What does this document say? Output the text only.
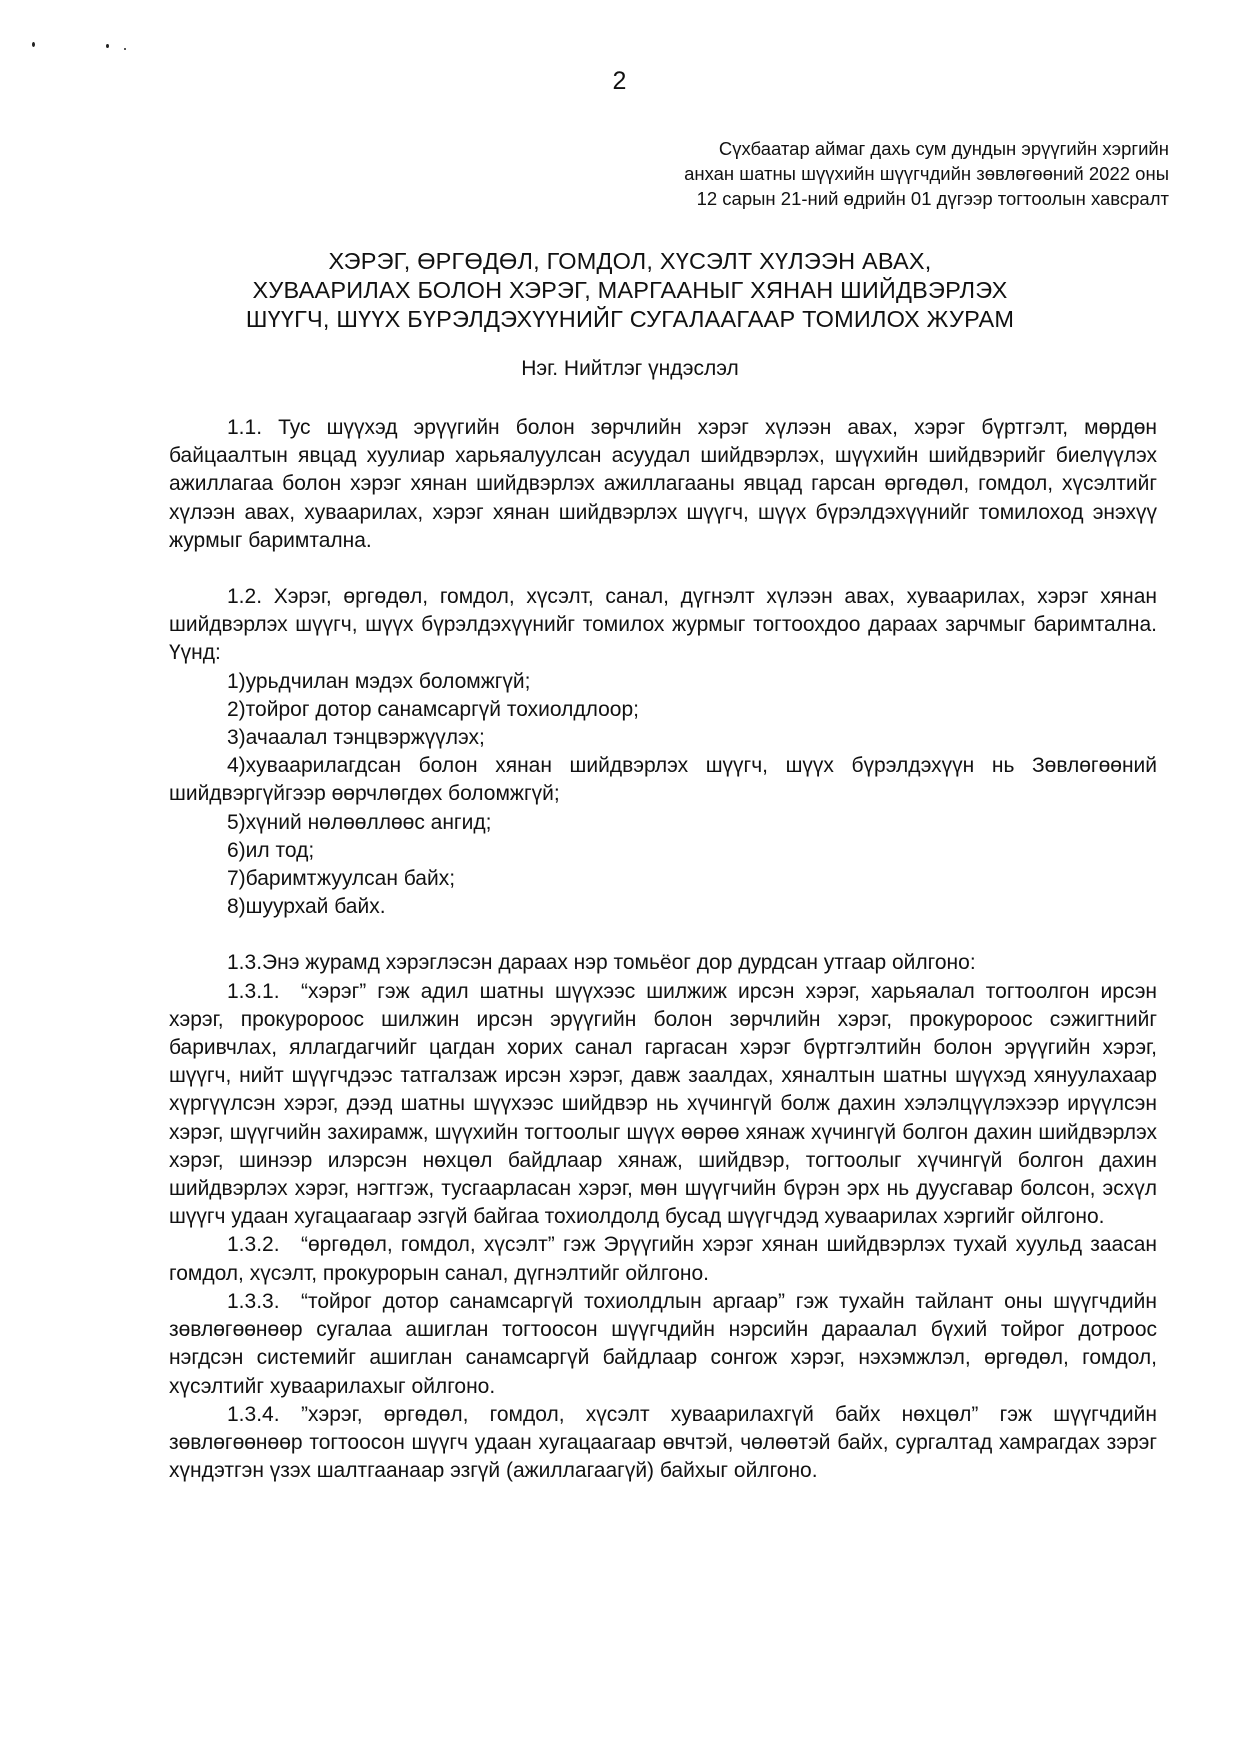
2
Сүхбаатар аймаг дахь сум дундын эрүүгийн хэргийн
анхан шатны шүүхийн шүүгчдийн зөвлөгөөний 2022 оны
12 сарын 21-ний өдрийн 01 дүгээр тогтоолын хавсралт
ХЭРЭГ, ӨРГӨДӨЛ, ГОМДОЛ, ХҮСЭЛТ ХҮЛЭЭН АВАХ,
ХУВААРИЛАХ БОЛОН ХЭРЭГ, МАРГААНЫГ ХЯНАН ШИЙДВЭРЛЭХ
ШҮҮГЧ, ШҮҮХ БҮРЭЛДЭХҮҮНИЙГ СУГАЛААГААР ТОМИЛОХ ЖУРАМ
Нэг. Нийтлэг үндэслэл

1.1. Тус шүүхэд эрүүгийн болон зөрчлийн хэрэг хүлээн авах, хэрэг бүртгэлт, мөрдөн байцаалтын явцад хуулиар харьяалуулсан асуудал шийдвэрлэх, шүүхийн шийдвэрийг биелүүлэх ажиллагаа болон хэрэг хянан шийдвэрлэх ажиллагааны явцад гарсан өргөдөл, гомдол, хүсэлтийг хүлээн авах, хуваарилах, хэрэг хянан шийдвэрлэх шүүгч, шүүх бүрэлдэхүүнийг томилоход энэхүү журмыг баримтална.

1.2. Хэрэг, өргөдөл, гомдол, хүсэлт, санал, дүгнэлт хүлээн авах, хуваарилах, хэрэг хянан шийдвэрлэх шүүгч, шүүх бүрэлдэхүүнийг томилох журмыг тогтоохдоо дараах зарчмыг баримтална. Үүнд:

1)урьдчилан мэдэх боломжгүй;

2)тойрог дотор санамсаргүй тохиолдлоор;

3)ачаалал тэнцвэржүүлэх;

4)хуваарилагдсан болон хянан шийдвэрлэх шүүгч, шүүх бүрэлдэхүүн нь Зөвлөгөөний шийдвэргүйгээр өөрчлөгдөх боломжгүй;

5)хүний нөлөөллөөс ангид;

6)ил тод;

7)баримтжуулсан байх;

8)шуурхай байх.

1.3.Энэ журамд хэрэглэсэн дараах нэр томьёог дор дурдсан утгаар ойлгоно:

1.3.1. “хэрэг” гэж адил шатны шүүхээс шилжиж ирсэн хэрэг, харьяалал тогтоолгон ирсэн хэрэг, прокуророос шилжин ирсэн эрүүгийн болон зөрчлийн хэрэг, прокуророос сэжигтнийг баривчлах, яллагдагчийг цагдан хорих санал гаргасан хэрэг бүртгэлтийн болон эрүүгийн хэрэг, шүүгч, нийт шүүгчдээс татгалзаж ирсэн хэрэг, давж заалдах, хяналтын шатны шүүхэд хянуулахаар хүргүүлсэн хэрэг, дээд шатны шүүхээс шийдвэр нь хүчингүй болж дахин хэлэлцүүлэхээр ирүүлсэн хэрэг, шүүгчийн захирамж, шүүхийн тогтоолыг шүүх өөрөө хянаж хүчингүй болгон дахин шийдвэрлэх хэрэг, шинээр илэрсэн нөхцөл байдлаар хянаж, шийдвэр, тогтоолыг хүчингүй болгон дахин шийдвэрлэх хэрэг, нэгтгэж, тусгаарласан хэрэг, мөн шүүгчийн бүрэн эрх нь дуусгавар болсон, эсхүл шүүгч удаан хугацаагаар эзгүй байгаа тохиолдолд бусад шүүгчдэд хуваарилах хэргийг ойлгоно.

1.3.2. “өргөдөл, гомдол, хүсэлт” гэж Эрүүгийн хэрэг хянан шийдвэрлэх тухай хуульд заасан гомдол, хүсэлт, прокурорын санал, дүгнэлтийг ойлгоно.

1.3.3. “тойрог дотор санамсаргүй тохиолдлын аргаар” гэж тухайн тайлант оны шүүгчдийн зөвлөгөөнөөр сугалаа ашиглан тогтоосон шүүгчдийн нэрсийн дараалал бүхий тойрог дотроос нэгдсэн системийг ашиглан санамсаргүй байдлаар сонгож хэрэг, нэхэмжлэл, өргөдөл, гомдол, хүсэлтийг хуваарилахыг ойлгоно.

1.3.4. ”хэрэг, өргөдөл, гомдол, хүсэлт хуваарилахгүй байх нөхцөл” гэж шүүгчдийн зөвлөгөөнөөр тогтоосон шүүгч удаан хугацаагаар өвчтэй, чөлөөтэй байх, сургалтад хамрагдах зэрэг хүндэтгэн үзэх шалтгаанаар эзгүй (ажиллагаагүй) байхыг ойлгоно.
